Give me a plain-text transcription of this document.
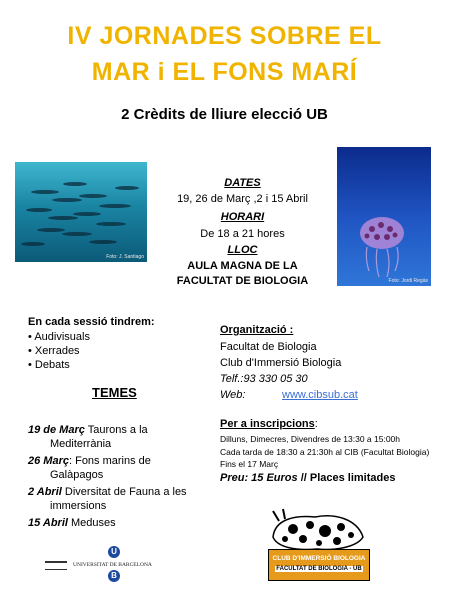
IV JORNADES SOBRE EL
MAR i EL FONS MARÍ
2 Crèdits de lliure elecció UB
Foto: J. Santiago
Foto: Jordi Regàs
DATES
19, 26 de Març ,2 i 15 Abril
HORARI
De 18 a 21 hores
LLOC
AULA MAGNA DE LA
FACULTAT DE BIOLOGIA
En cada sessió tindrem:
• Audivisuals
• Xerrades
• Debats
TEMES
19 de Març Taurons a la
Mediterrània
26 Març: Fons marins de
Galàpagos
2 Abril Diversitat de Fauna a les
immersions
15 Abril Meduses
Organització :
Facultat de Biologia
Club d'Immersió Biologia
Telf.:93 330 05 30
Web:	www.cibsub.cat
Per a inscripcions:
Dilluns, Dimecres, Divendres de 13:30 a 15:00h
Cada tarda de 18:30 a 21:30h al CIB (Facultat Biologia)
Fins el 17 Març
Preu: 15 Euros // Places limitades
CLUB D'IMMERSIÓ BIOLOGIA
FACULTAT DE BIOLOGIA - UB
UNIVERSITAT DE BARCELONA
U
B
